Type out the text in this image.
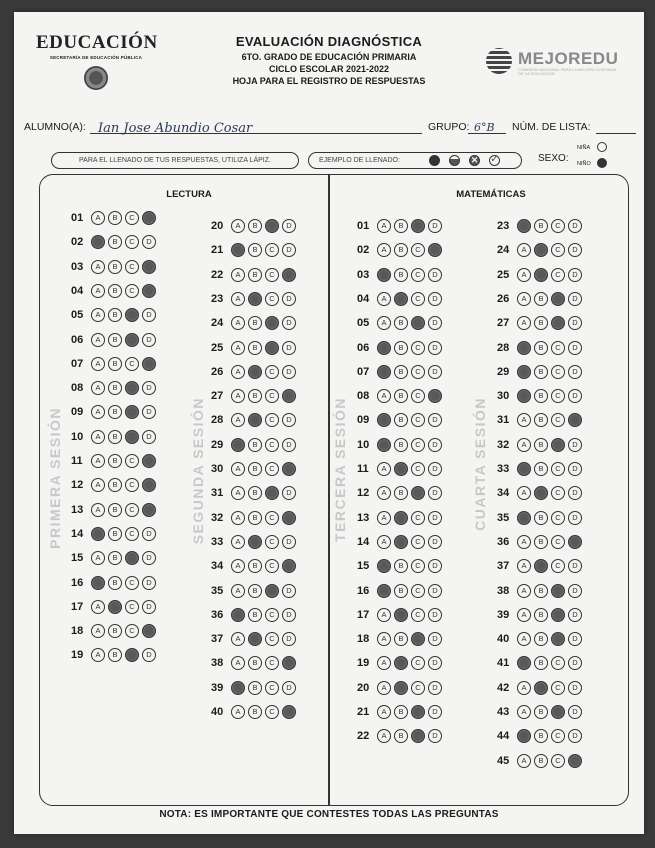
EDUCACIÓN
SECRETARÍA DE EDUCACIÓN PÚBLICA
EVALUACIÓN DIAGNÓSTICA
6TO. GRADO DE EDUCACIÓN PRIMARIA
CICLO ESCOLAR 2021-2022
HOJA PARA EL REGISTRO DE RESPUESTAS
MEJOREDU
COMISIÓN NACIONAL PARA LA MEJORA CONTINUA DE LA EDUCACIÓN
ALUMNO(A): Ian Jose Abundio Cosar	GRUPO: 6°B NÚM. DE LISTA:
PARA EL LLENADO DE TUS RESPUESTAS, UTILIZA LÁPIZ.	EJEMPLO DE LLENADO:	✕ ✓	SEXO:
NIÑA
NIÑO
LECTURA	MATEMÁTICAS
PRIMERA SESIÓN	SEGUNDA SESIÓN	TERCERA SESIÓN	CUARTA SESIÓN
01	A	B	C	D
02	A	B	C	D
03	A	B	C	D
04	A	B	C	D
05	A	B	C	D
06	A	B	C	D
07	A	B	C	D
08	A	B	C	D
09	A	B	C	D
10	A	B	C	D
11	A	B	C	D
12	A	B	C	D
13	A	B	C	D
14	A	B	C	D
15	A	B	C	D
16	A	B	C	D
17	A	B	C	D
18	A	B	C	D
19	A	B	C	D
20	A	B	C	D
21	A	B	C	D
22	A	B	C	D
23	A	B	C	D
24	A	B	C	D
25	A	B	C	D
26	A	B	C	D
27	A	B	C	D
28	A	B	C	D
29	A	B	C	D
30	A	B	C	D
31	A	B	C	D
32	A	B	C	D
33	A	B	C	D
34	A	B	C	D
35	A	B	C	D
36	A	B	C	D
37	A	B	C	D
38	A	B	C	D
39	A	B	C	D
40	A	B	C	D
01	A	B	C	D
02	A	B	C	D
03	A	B	C	D
04	A	B	C	D
05	A	B	C	D
06	A	B	C	D
07	A	B	C	D
08	A	B	C	D
09	A	B	C	D
10	A	B	C	D
11	A	B	C	D
12	A	B	C	D
13	A	B	C	D
14	A	B	C	D
15	A	B	C	D
16	A	B	C	D
17	A	B	C	D
18	A	B	C	D
19	A	B	C	D
20	A	B	C	D
21	A	B	C	D
22	A	B	C	D
23	A	B	C	D
24	A	B	C	D
25	A	B	C	D
26	A	B	C	D
27	A	B	C	D
28	A	B	C	D
29	A	B	C	D
30	A	B	C	D
31	A	B	C	D
32	A	B	C	D
33	A	B	C	D
34	A	B	C	D
35	A	B	C	D
36	A	B	C	D
37	A	B	C	D
38	A	B	C	D
39	A	B	C	D
40	A	B	C	D
41	A	B	C	D
42	A	B	C	D
43	A	B	C	D
44	A	B	C	D
45	A	B	C	D
NOTA: ES IMPORTANTE QUE CONTESTES TODAS LAS PREGUNTAS
